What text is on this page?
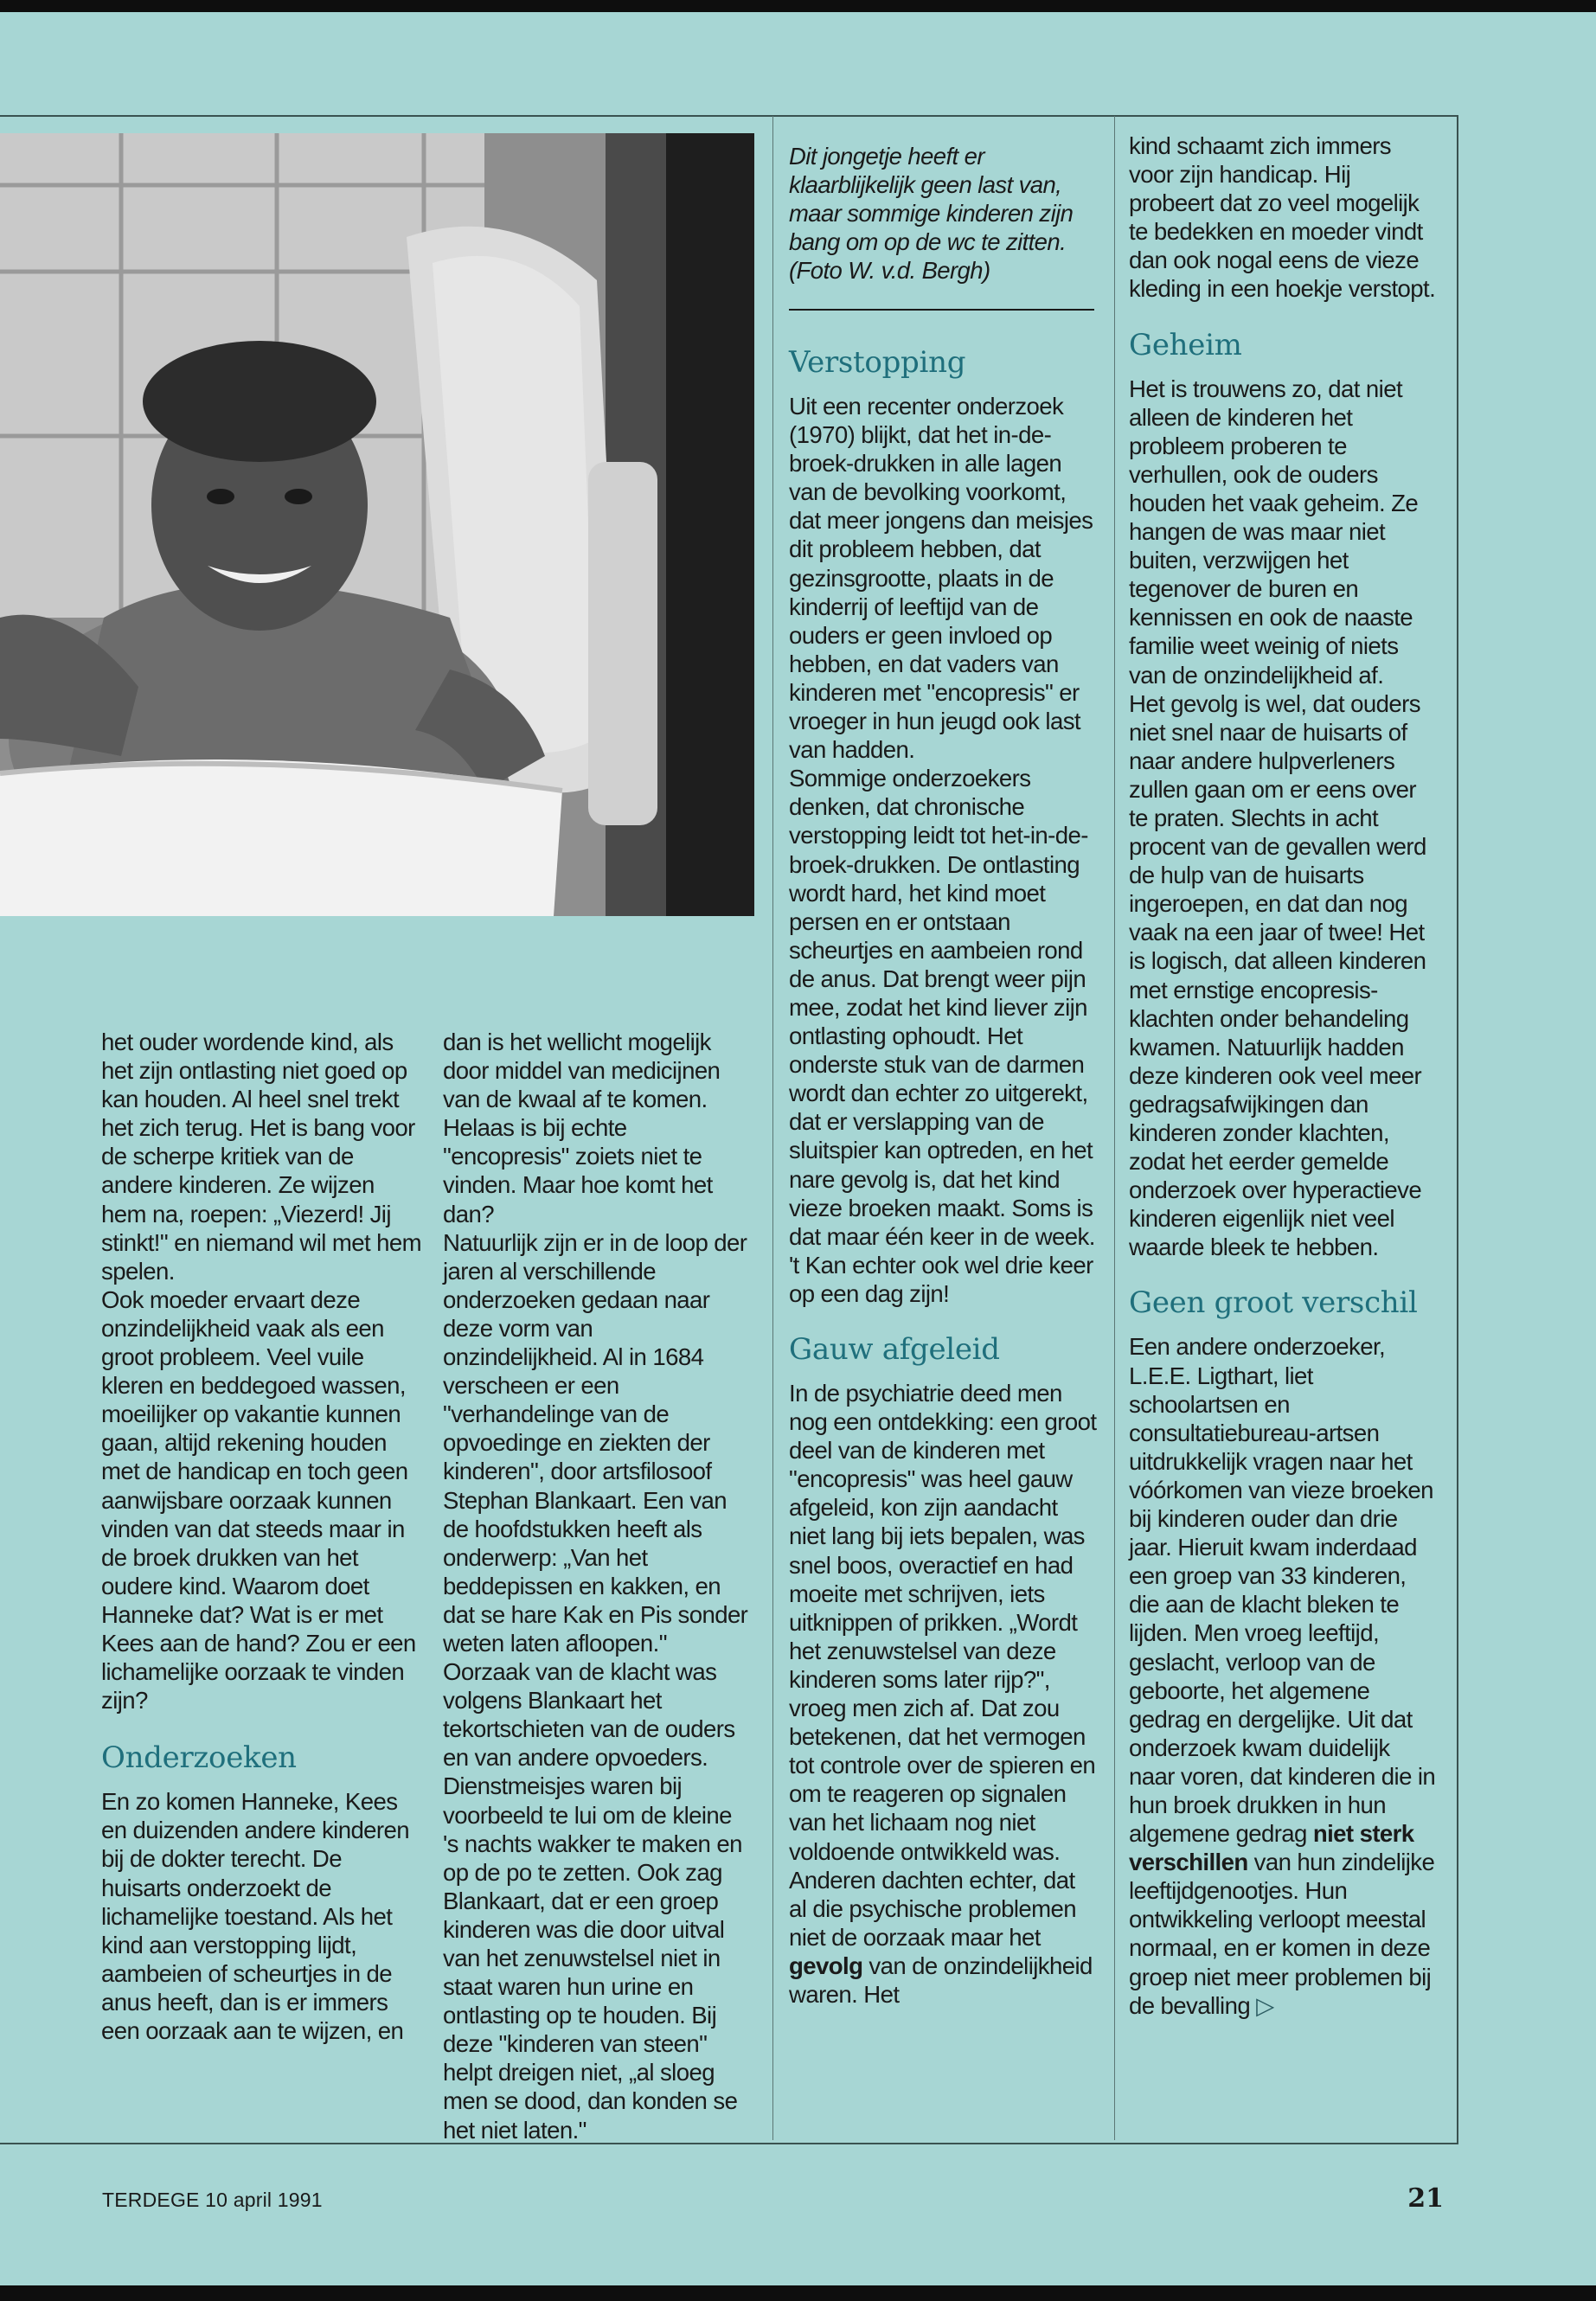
Dit jongetje heeft er klaarblijkelijk geen last van, maar sommige kinderen zijn bang om op de wc te zitten. (Foto W. v.d. Bergh)

het ouder wordende kind, als het zijn ontlasting niet goed op kan houden. Al heel snel trekt het zich terug. Het is bang voor de scherpe kritiek van de andere kinderen. Ze wijzen hem na, roepen: „Viezerd! Jij stinkt!" en niemand wil met hem spelen.

Ook moeder ervaart deze onzindelijkheid vaak als een groot probleem. Veel vuile kleren en beddegoed wassen, moeilijker op vakantie kunnen gaan, altijd rekening houden met de handicap en toch geen aanwijsbare oorzaak kunnen vinden van dat steeds maar in de broek drukken van het oudere kind. Waarom doet Hanneke dat? Wat is er met Kees aan de hand? Zou er een lichamelijke oorzaak te vinden zijn?

Onderzoeken

En zo komen Hanneke, Kees en duizenden andere kinderen bij de dokter terecht. De huisarts onderzoekt de lichamelijke toestand. Als het kind aan verstopping lijdt, aambeien of scheurtjes in de anus heeft, dan is er immers een oorzaak aan te wijzen, en

dan is het wellicht mogelijk door middel van medicijnen van de kwaal af te komen. Helaas is bij echte "encopresis" zoiets niet te vinden. Maar hoe komt het dan?

Natuurlijk zijn er in de loop der jaren al verschillende onderzoeken gedaan naar deze vorm van onzindelijkheid. Al in 1684 verscheen er een "verhandelinge van de opvoedinge en ziekten der kinderen", door artsfilosoof Stephan Blankaart. Een van de hoofdstukken heeft als onderwerp: „Van het beddepissen en kakken, en dat se hare Kak en Pis sonder weten laten afloopen." Oorzaak van de klacht was volgens Blankaart het tekortschieten van de ouders en van andere opvoeders. Dienstmeisjes waren bij voorbeeld te lui om de kleine 's nachts wakker te maken en op de po te zetten. Ook zag Blankaart, dat er een groep kinderen was die door uitval van het zenuwstelsel niet in staat waren hun urine en ontlasting op te houden. Bij deze "kinderen van steen" helpt dreigen niet, „al sloeg men se dood, dan konden se het niet laten."

Verstopping

Uit een recenter onderzoek (1970) blijkt, dat het in-de-broek-drukken in alle lagen van de bevolking voorkomt, dat meer jongens dan meisjes dit probleem hebben, dat gezinsgrootte, plaats in de kinderrij of leeftijd van de ouders er geen invloed op hebben, en dat vaders van kinderen met "encopresis" er vroeger in hun jeugd ook last van hadden.

Sommige onderzoekers denken, dat chronische verstopping leidt tot het-in-de-broek-drukken. De ontlasting wordt hard, het kind moet persen en er ontstaan scheurtjes en aambeien rond de anus. Dat brengt weer pijn mee, zodat het kind liever zijn ontlasting ophoudt. Het onderste stuk van de darmen wordt dan echter zo uitgerekt, dat er verslapping van de sluitspier kan optreden, en het nare gevolg is, dat het kind vieze broeken maakt. Soms is dat maar één keer in de week. 't Kan echter ook wel drie keer op een dag zijn!

Gauw afgeleid

In de psychiatrie deed men nog een ontdekking: een groot deel van de kinderen met "encopresis" was heel gauw afgeleid, kon zijn aandacht niet lang bij iets bepalen, was snel boos, overactief en had moeite met schrijven, iets uitknippen of prikken. „Wordt het zenuwstelsel van deze kinderen soms later rijp?", vroeg men zich af. Dat zou betekenen, dat het vermogen tot controle over de spieren en om te reageren op signalen van het lichaam nog niet voldoende ontwikkeld was.

Anderen dachten echter, dat al die psychische problemen niet de oorzaak maar het gevolg van de onzindelijkheid waren. Het

kind schaamt zich immers voor zijn handicap. Hij probeert dat zo veel mogelijk te bedekken en moeder vindt dan ook nogal eens de vieze kleding in een hoekje verstopt.

Geheim

Het is trouwens zo, dat niet alleen de kinderen het probleem proberen te verhullen, ook de ouders houden het vaak geheim. Ze hangen de was maar niet buiten, verzwijgen het tegenover de buren en kennissen en ook de naaste familie weet weinig of niets van de onzindelijkheid af.

Het gevolg is wel, dat ouders niet snel naar de huisarts of naar andere hulpverleners zullen gaan om er eens over te praten. Slechts in acht procent van de gevallen werd de hulp van de huisarts ingeroepen, en dat dan nog vaak na een jaar of twee! Het is logisch, dat alleen kinderen met ernstige encopresis-klachten onder behandeling kwamen. Natuurlijk hadden deze kinderen ook veel meer gedragsafwijkingen dan kinderen zonder klachten, zodat het eerder gemelde onderzoek over hyperactieve kinderen eigenlijk niet veel waarde bleek te hebben.

Geen groot verschil

Een andere onderzoeker, L.E.E. Ligthart, liet schoolartsen en consultatiebureau-artsen uitdrukkelijk vragen naar het vóórkomen van vieze broeken bij kinderen ouder dan drie jaar. Hieruit kwam inderdaad een groep van 33 kinderen, die aan de klacht bleken te lijden. Men vroeg leeftijd, geslacht, verloop van de geboorte, het algemene gedrag en dergelijke. Uit dat onderzoek kwam duidelijk naar voren, dat kinderen die in hun broek drukken in hun algemene gedrag niet sterk verschillen van hun zindelijke leeftijdgenootjes. Hun ontwikkeling verloopt meestal normaal, en er komen in deze groep niet meer problemen bij de bevalling ▷

TERDEGE 10 april 1991	21
